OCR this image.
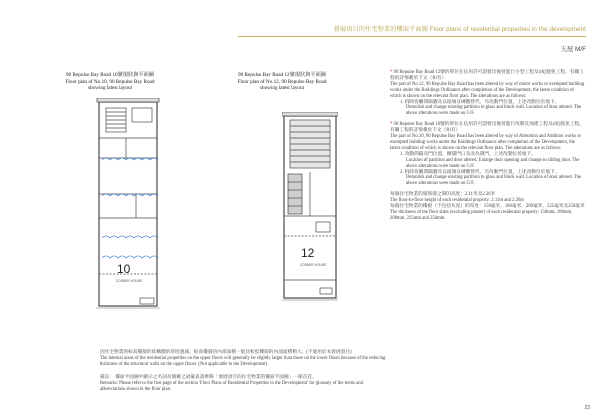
發展項目的住宅物業的樓面平面圖 Floor plans of residential properties in the development
天屋 M/F
90 Repulse Bay Road 10號現狀與平面圖
Floor plan of No.10, 90 Repulse Bay Road
showing latest layout
90 Repulse Bay Road 12號現狀與平面圖
Floor plan of No.12, 90 Repulse Bay Road
showing latest layout
10
CORNER HOUSE
12
CORNER HOUSE

* 90 Repulse Bay Road 12號的單位在佔用許可證發出後曾進行小型工程及(或)豁免工程。有關工程的詳情載於下文（如有）

The part of No.12, 90 Repulse Bay Road has been altered by way of minor works or exempted building works under the Buildings Ordinance after completion of the Development, the latest condition of which is shown on the relevant floor plan. The alterations are as follows:

1. 拆除客廳間隔牆及以玻璃及磚牆替代，另改動門位置，上述改動位於地下。

Demolish and change existing partition to glass and block wall. Location of door altered. The above alterations were made on G/F.

* 90 Repulse Bay Road 10號的單位在佔用許可證發出後曾進行改動及加建工程及(或)豁免工程。有關工程的詳情載於下文（如有）

The part of No.10, 90 Repulse Bay Road has been altered by way of Alteration and Addition works or exempted building works under the Buildings Ordinance after completion of the Development, the latest condition of which is shown on the relevant floor plan. The alterations are as follows:

1. 改動間隔及門位置，擴闊門口及改為趟門，上述改動位於地下。

Location of partition and door altered. Enlarge door opening and change to sliding door. The above alterations were made on G/F.

2. 拆除客廳間隔牆及以玻璃及磚牆替代，另改動門位置，上述改動位於地下。

Demolish and change existing partition to glass and block wall. Location of door altered. The above alterations were made on G/F.

每個住宅物業的層與層之間的高度：2.11米及2.26米

The floor-to-floor height of each residential property: 2.11m and 2.26m

每個住宅物業的樓板（不包括灰泥）的厚度：150毫米、180毫米、200毫米、225毫米及250毫米

The thickness of the floor slabs (excluding plaster) of each residential property: 150mm, 180mm, 200mm, 225mm and 250mm.

因住宅物業的較高樓層的結構牆的厚度遞減，較高樓層的內部面積一般比較低樓層的內部面積稍大。(不適用於本發展項目)
The internal areas of the residential properties on the upper floors will generally be slightly larger than those on the lower floors because of the reducing thickness of the structural walls on the upper floors. (Not applicable to the Development)
備註： 樓面平面圖中顯示之名詞及簡稱之詞彙表請參閱「發展項目的住宅物業的樓面平面圖」一節首頁。
Remarks: Please refer to the first page of the section 'Floor Plans of Residential Properties in the Development' for glossary of the terms and
abbreviations shown in the floor plan.
23
